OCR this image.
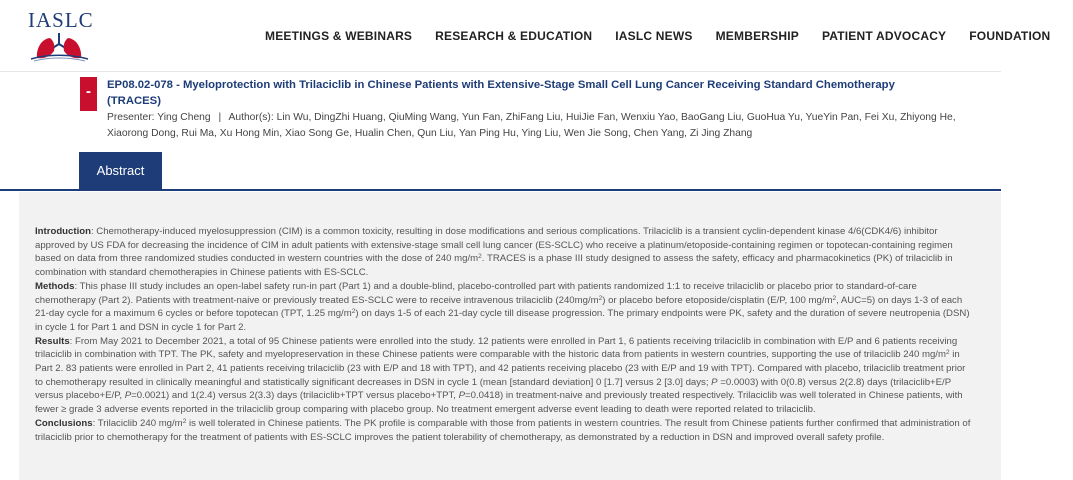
IASLC
MEETINGS & WEBINARS RESEARCH & EDUCATION IASLC NEWS MEMBERSHIP PATIENT ADVOCACY FOUNDATION
-	EP08.02-078 - Myeloprotection with Trilaciclib in Chinese Patients with Extensive-Stage Small Cell Lung Cancer Receiving Standard Chemotherapy (TRACES)
Presenter: Ying Cheng | Author(s): Lin Wu, DingZhi Huang, QiuMing Wang, Yun Fan, ZhiFang Liu, HuiJie Fan, Wenxiu Yao, BaoGang Liu, GuoHua Yu, YueYin Pan, Fei Xu, Zhiyong He, Xiaorong Dong, Rui Ma, Xu Hong Min, Xiao Song Ge, Hualin Chen, Qun Liu, Yan Ping Hu, Ying Liu, Wen Jie Song, Chen Yang, Zi Jing Zhang
Abstract

Introduction: Chemotherapy-induced myelosuppression (CIM) is a common toxicity, resulting in dose modifications and serious complications. Trilaciclib is a transient cyclin-dependent kinase 4/6(CDK4/6) inhibitor approved by US FDA for decreasing the incidence of CIM in adult patients with extensive-stage small cell lung cancer (ES-SCLC) who receive a platinum/etoposide-containing regimen or topotecan-containing regimen based on data from three randomized studies conducted in western countries with the dose of 240 $mg/m^2$. TRACES is a phase III study designed to assess the safety, efficacy and pharmacokinetics (PK) of trilaciclib in combination with standard chemotherapies in Chinese patients with ES-SCLC.

Methods: This phase III study includes an open-label safety run-in part (Part 1) and a double-blind, placebo-controlled part with patients randomized 1:1 to receive trilaciclib or placebo prior to standard-of-care chemotherapy (Part 2). Patients with treatment-naive or previously treated ES-SCLC were to receive intravenous trilaciclib $(240mg/m^2)$ or placebo before etoposide/cisplatin (E/P, 100 $mg/m^2$, AUC=5) on days 1-3 of each 21-day cycle for a maximum 6 cycles or before topotecan (TPT, 1.25 $mg/m^2$) on days 1-5 of each 21-day cycle till disease progression. The primary endpoints were PK, safety and the duration of severe neutropenia (DSN) in cycle 1 for Part 1 and DSN in cycle 1 for Part 2.

Results: From May 2021 to December 2021, a total of 95 Chinese patients were enrolled into the study. 12 patients were enrolled in Part 1, 6 patients receiving trilaciclib in combination with E/P and 6 patients receiving trilaciclib in combination with TPT. The PK, safety and myelopreservation in these Chinese patients were comparable with the historic data from patients in western countries, supporting the use of trilaciclib 240 $mg/m^2$ in Part 2. 83 patients were enrolled in Part 2, 41 patients receiving trilaciclib (23 with E/P and 18 with TPT), and 42 patients receiving placebo (23 with E/P and 19 with TPT). Compared with placebo, trilaciclib treatment prior to chemotherapy resulted in clinically meaningful and statistically significant decreases in DSN in cycle 1 (mean [standard deviation] 0 [1.7] versus 2 [3.0] days; P =0.0003) with 0(0.8) versus 2(2.8) days (trilaciclib+E/P versus placebo+E/P, P=0.0021) and 1(2.4) versus 2(3.3) days (trilaciclib+TPT versus placebo+TPT, P=0.0418) in treatment-naive and previously treated respectively. Trilaciclib was well tolerated in Chinese patients, with fewer ≥ grade 3 adverse events reported in the trilaciclib group comparing with placebo group. No treatment emergent adverse event leading to death were reported related to trilaciclib.

Conclusions: Trilaciclib 240 $mg/m^2$ is well tolerated in Chinese patients. The PK profile is comparable with those from patients in western countries. The result from Chinese patients further confirmed that administration of trilaciclib prior to chemotherapy for the treatment of patients with ES-SCLC improves the patient tolerability of chemotherapy, as demonstrated by a reduction in DSN and improved overall safety profile.
